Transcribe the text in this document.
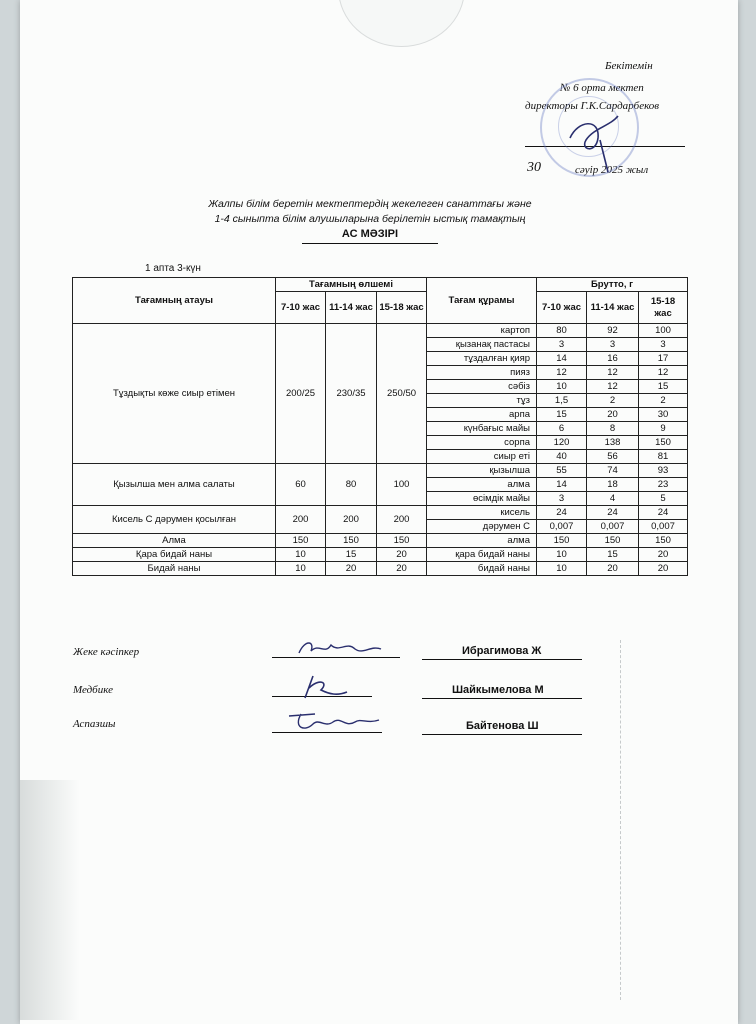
Бекітемін
№ 6 орта мектеп
директоры Г.К.Сардарбеков
30	сәуір 2025 жыл
Жалпы білім беретін мектептердің жекелеген санаттағы және
1-4 сыныпта білім алушыларына берілетін ыстық тамақтың
АС МӘЗІРІ
1 апта 3-күн
Тағамның атауы	Тағамның өлшемі			Тағам құрамы	Брутто, г		
	7-10 жас	11-14 жас	15-18 жас		7-10 жас	11-14 жас	15-18 жас
Тұздықты көже сиыр етімен	200/25	230/35	250/50	картоп	80	92	100
				қызанақ пастасы	3	3	3
				тұздалған қияр	14	16	17
				пияз	12	12	12
				сәбіз	10	12	15
				тұз	1,5	2	2
				арпа	15	20	30
				күнбағыс майы	6	8	9
				сорпа	120	138	150
				сиыр еті	40	56	81
Қызылша мен алма салаты	60	80	100	қызылша	55	74	93
				алма	14	18	23
				өсімдік майы	3	4	5
Кисель С дәрумен қосылған	200	200	200	кисель	24	24	24
				дәрумен С	0,007	0,007	0,007
Алма	150	150	150	алма	150	150	150
Қара бидай наны	10	15	20	қара бидай наны	10	15	20
Бидай наны	10	20	20	бидай наны	10	20	20
Жеке кәсіпкер	Ибрагимова Ж
Медбике	Шайкымелова М
Аспазшы	Байтенова Ш
